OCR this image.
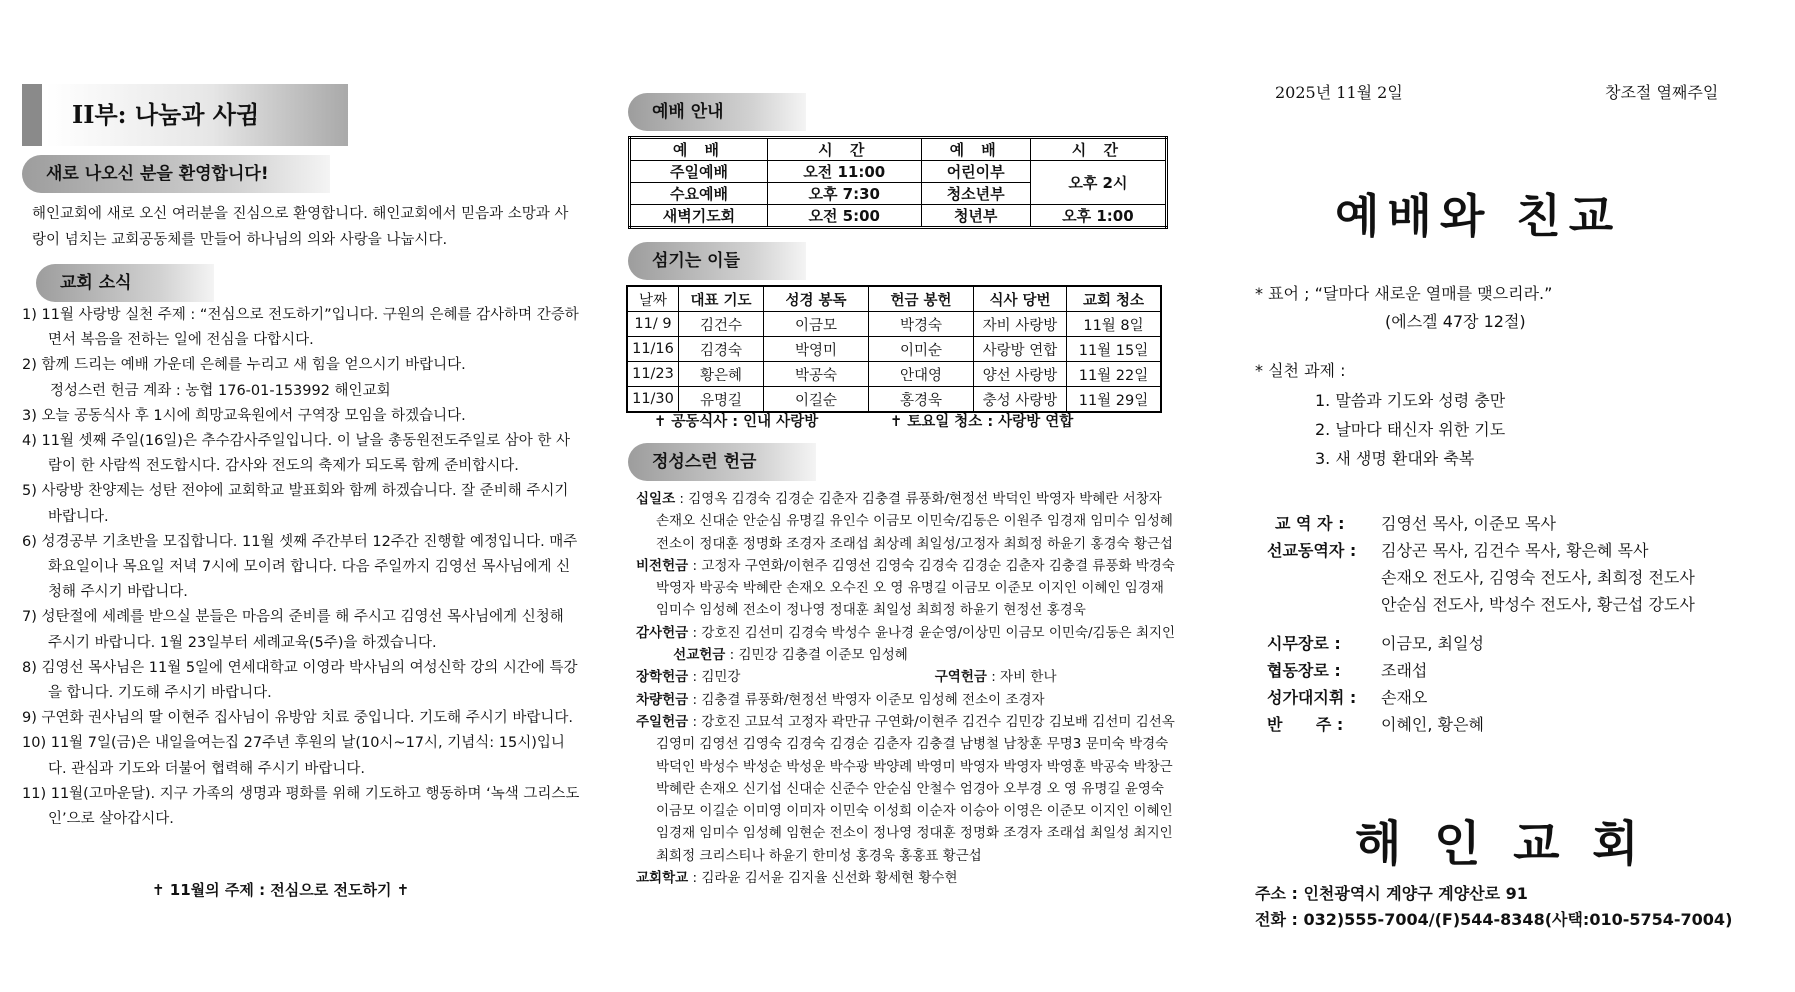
II부: 나눔과 사귐
새로 나오신 분을 환영합니다!
해인교회에 새로 오신 여러분을 진심으로 환영합니다. 해인교회에서 믿음과 소망과 사랑이 넘치는 교회공동체를 만들어 하나님의 의와 사랑을 나눕시다.
교회 소식
1) 11월 사랑방 실천 주제 : “전심으로 전도하기”입니다. 구원의 은혜를 감사하며 간증하면서 복음을 전하는 일에 전심을 다합시다.
2) 함께 드리는 예배 가운데 은혜를 누리고 새 힘을 얻으시기 바랍니다.
정성스런 헌금 계좌 : 농협 176-01-153992 해인교회
3) 오늘 공동식사 후 1시에 희망교육원에서 구역장 모임을 하겠습니다.
4) 11월 셋째 주일(16일)은 추수감사주일입니다. 이 날을 총동원전도주일로 삼아 한 사람이 한 사람씩 전도합시다. 감사와 전도의 축제가 되도록 함께 준비합시다.
5) 사랑방 찬양제는 성탄 전야에 교회학교 발표회와 함께 하겠습니다. 잘 준비해 주시기 바랍니다.
6) 성경공부 기초반을 모집합니다. 11월 셋째 주간부터 12주간 진행할 예정입니다. 매주 화요일이나 목요일 저녁 7시에 모이려 합니다. 다음 주일까지 김영선 목사님에게 신청해 주시기 바랍니다.
7) 성탄절에 세례를 받으실 분들은 마음의 준비를 해 주시고 김영선 목사님에게 신청해 주시기 바랍니다. 1월 23일부터 세례교육(5주)을 하겠습니다.
8) 김영선 목사님은 11월 5일에 연세대학교 이영라 박사님의 여성신학 강의 시간에 특강을 합니다. 기도해 주시기 바랍니다.
9) 구연화 권사님의 딸 이현주 집사님이 유방암 치료 중입니다. 기도해 주시기 바랍니다.
10) 11월 7일(금)은 내일을여는집 27주년 후원의 날(10시~17시, 기념식: 15시)입니다. 관심과 기도와 더불어 협력해 주시기 바랍니다.
11) 11월(고마운달). 지구 가족의 생명과 평화를 위해 기도하고 행동하며 ‘녹색 그리스도인’으로 살아갑시다.
✝ 11월의 주제 : 전심으로 전도하기 ✝
예배 안내
예 배	시 간	예 배	시 간
주일예배	오전 11:00	어린이부	오후 2시
수요예배	오후 7:30	청소년부	
새벽기도회	오전 5:00	청년부	오후 1:00
섬기는 이들
날짜	대표 기도	성경 봉독	헌금 봉헌	식사 당번	교회 청소
11/ 9	김건수	이금모	박경숙	자비 사랑방	11월 8일
11/16	김경숙	박영미	이미순	사랑방 연합	11월 15일
11/23	황은혜	박공숙	안대영	양선 사랑방	11월 22일
11/30	유명길	이길순	홍경욱	충성 사랑방	11월 29일
✝ 공동식사 : 인내 사랑방	✝ 토요일 청소 : 사랑방 연합
정성스런 헌금
십일조 : 김영옥 김경숙 김경순 김춘자 김충결 류풍화/현정선 박덕인 박영자 박혜란 서창자 손재오 신대순 안순심 유명길 유인수 이금모 이민숙/김동은 이원주 임경재 임미수 임성혜 전소이 정대훈 정명화 조경자 조래섭 최상례 최일성/고정자 최희정 하윤기 홍경숙 황근섭
비전헌금 : 고정자 구연화/이현주 김영선 김영숙 김경숙 김경순 김춘자 김충결 류풍화 박경숙 박영자 박공숙 박혜란 손재오 오수진 오 영 유명길 이금모 이준모 이지인 이혜인 임경재 임미수 임성혜 전소이 정나영 정대훈 최일성 최희정 하윤기 현정선 홍경욱
감사헌금 : 강호진 김선미 김경숙 박성수 윤나경 윤순영/이상민 이금모 이민숙/김동은 최지인     선교헌금 : 김민강 김충결 이준모 임성혜
장학헌금 : 김민강	구역헌금 : 자비 한나
차량헌금 : 김충결 류풍화/현정선 박영자 이준모 임성혜 전소이 조경자
주일헌금 : 강호진 고묘석 고정자 곽만규 구연화/이현주 김건수 김민강 김보배 김선미 김선옥 김영미 김영선 김영숙 김경숙 김경순 김춘자 김충결 남병철 남창훈 무명3 문미숙 박경숙 박덕인 박성수 박성순 박성운 박수광 박양례 박영미 박영자 박영자 박영훈 박공숙 박창근 박혜란 손재오 신기섭 신대순 신준수 안순심 안철수 엄경아 오부경 오 영 유명길 윤영숙 이금모 이길순 이미영 이미자 이민숙 이성희 이순자 이승아 이영은 이준모 이지인 이혜인 임경재 임미수 임성혜 임현순 전소이 정나영 정대훈 정명화 조경자 조래섭 최일성 최지인 최희정 크리스티나 하윤기 한미성 홍경욱 홍홍표 황근섭
교회학교 : 김라윤 김서윤 김지율 신선화 황세현 황수현
2025년 11월 2일	창조절 열째주일
예배와 친교
* 표어 ; “달마다 새로운 열매를 맺으리라.”
(에스겔 47장 12절)
* 실천 과제 :
1. 말씀과 기도와 성령 충만
2. 날마다 태신자 위한 기도
3. 새 생명 환대와 축복
교 역 자 : 김영선 목사, 이준모 목사
선교동역자 : 김상곤 목사, 김건수 목사, 황은혜 목사
손재오 전도사, 김영숙 전도사, 최희정 전도사
안순심 전도사, 박성수 전도사, 황근섭 강도사
시무장로 :	이금모, 최일성
협동장로 :	조래섭
성가대지휘 : 손재오
반      주 : 이혜인, 황은혜
해 인 교 회
주소 : 인천광역시 계양구 계양산로 91
전화 : 032)555-7004/(F)544-8348(사택:010-5754-7004)
